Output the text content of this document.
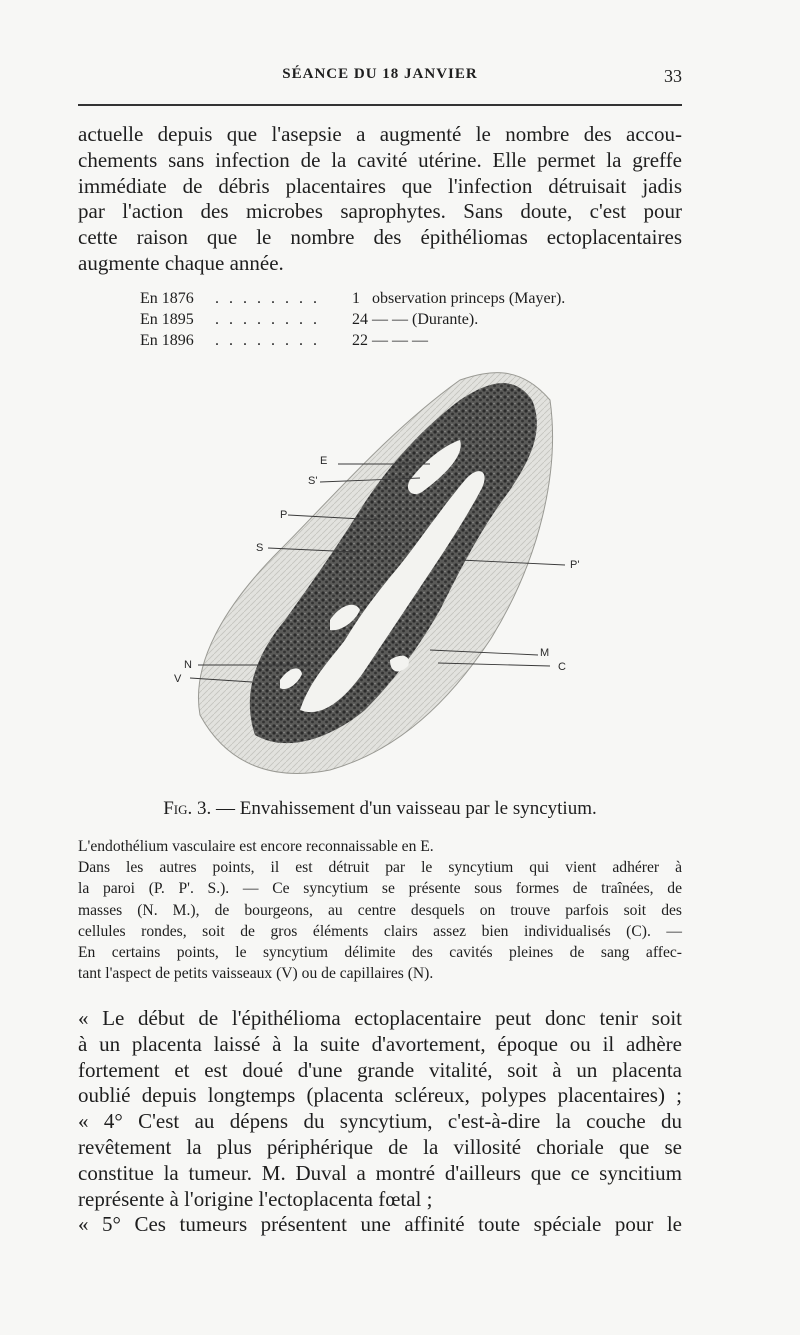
SÉANCE DU 18 JANVIER	33

actuelle depuis que l'asepsie a augmenté le nombre des accou-
chements sans infection de la cavité utérine. Elle permet la greffe
immédiate de débris placentaires que l'infection détruisait jadis
par l'action des microbes saprophytes. Sans doute, c'est pour
cette raison que le nombre des épithéliomas ectoplacentaires
augmente chaque année.

En 1876 . . . . . . . . 1 observation princeps (Mayer).
En 1895 . . . . . . . . 24 — — (Durante).
En 1896 . . . . . . . . 22 — — —
E
S'
P
S
P'
N
V
M
C
Fig. 3. — Envahissement d'un vaisseau par le syncytium.

L'endothélium vasculaire est encore reconnaissable en E.
Dans les autres points, il est détruit par le syncytium qui vient adhérer à
la paroi (P. P'. S.). — Ce syncytium se présente sous formes de traînées, de
masses (N. M.), de bourgeons, au centre desquels on trouve parfois soit des
cellules rondes, soit de gros éléments clairs assez bien individualisés (C). —
En certains points, le syncytium délimite des cavités pleines de sang affec-
tant l'aspect de petits vaisseaux (V) ou de capillaires (N).

« Le début de l'épithélioma ectoplacentaire peut donc tenir soit
à un placenta laissé à la suite d'avortement, époque ou il adhère
fortement et est doué d'une grande vitalité, soit à un placenta
oublié depuis longtemps (placenta scléreux, polypes placentaires) ;
« 4° C'est au dépens du syncytium, c'est-à-dire la couche du
revêtement la plus périphérique de la villosité choriale que se
constitue la tumeur. M. Duval a montré d'ailleurs que ce syncitium
représente à l'origine l'ectoplacenta fœtal ;
« 5° Ces tumeurs présentent une affinité toute spéciale pour le
